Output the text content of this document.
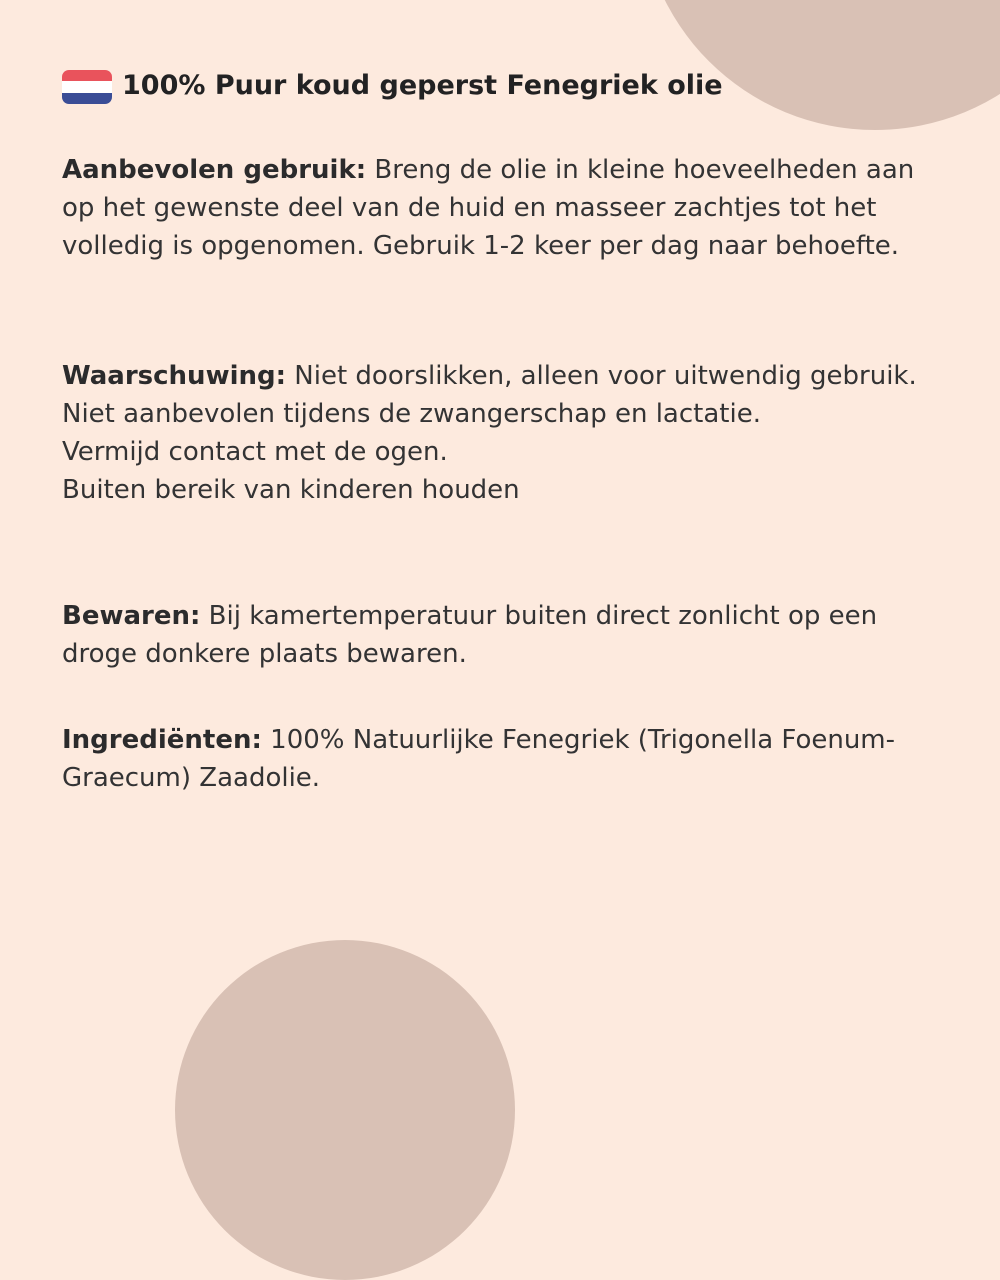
100% Puur koud geperst Fenegriek olie

Aanbevolen gebruik: Breng de olie in kleine hoeveelheden aan op het gewenste deel van de huid en masseer zachtjes tot het volledig is opgenomen. Gebruik 1-2 keer per dag naar behoefte.

Waarschuwing: Niet doorslikken, alleen voor uitwendig gebruik.
Niet aanbevolen tijdens de zwangerschap en lactatie.
Vermijd contact met de ogen.
Buiten bereik van kinderen houden

Bewaren: Bij kamertemperatuur buiten direct zonlicht op een droge donkere plaats bewaren.

Ingrediënten: 100% Natuurlijke Fenegriek (Trigonella Foenum-Graecum) Zaadolie.
